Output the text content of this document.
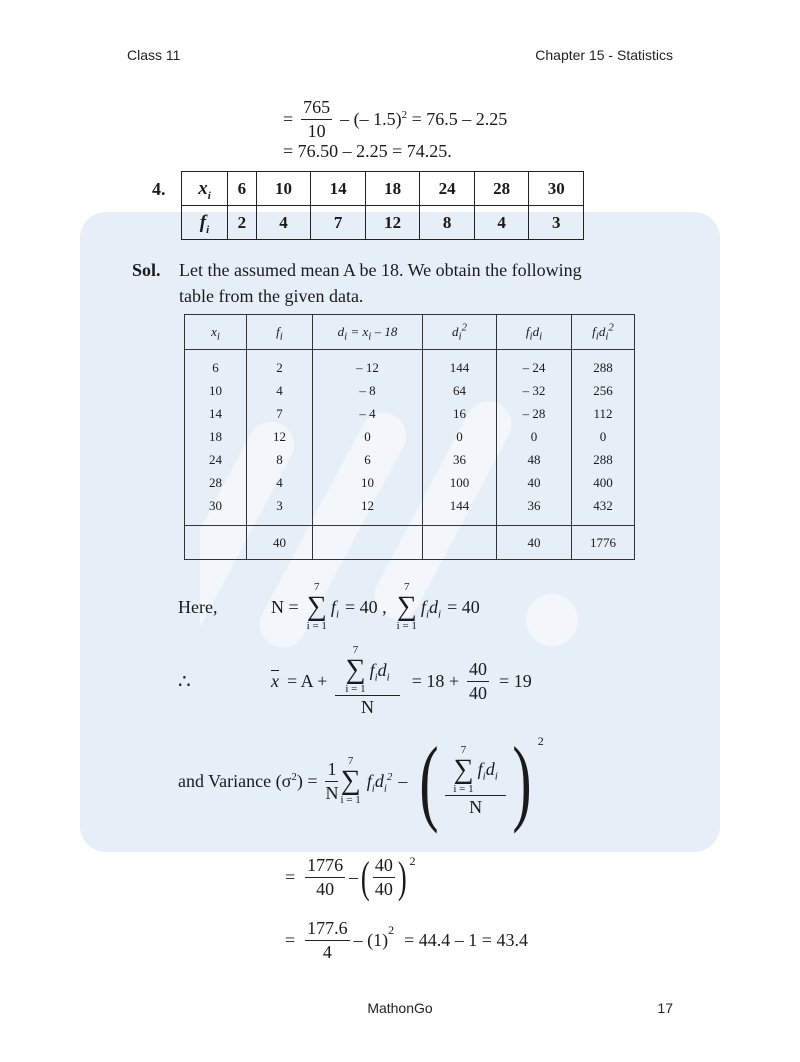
Class 11	Chapter 15 - Statistics
= $\frac{765}{10}$ – (– 1.5)$^2$ = 76.5 – 2.25
= 76.50 – 2.25 = 74.25.
4. $x_i$	6	10	14	18	24	28	30
$f_i$	2	4	7	12	8	4	3
Sol. Let the assumed mean A be 18. We obtain the following
table from the given data.
$x_i$	$f_i$	$d_i = x_i - 18$	$d_i^2$	$f_id_i$	$f_id_i^2$
6	2	– 12	144	– 24	288
10	4	– 8	64	– 32	256
14	7	– 4	16	– 28	112
18	12	0	0	0	0
24	8	6	36	48	288
28	4	10	100	40	400
30	3	12	144	36	432
	40			40	1776
Here,	N =
7
∑
i = 1
$f_i = 40$ ,
7
∑
i = 1
$f_id_i = 40$
∴	$\overline{x} = A + 7$
∑
i = 1
$f_id_i$
$N = 18 + \frac{40}{40} = 19$
and Variance $(\sigma^2) = \frac{1}{N} 7$
∑
i = 1
$f_id_i^2$ – ( 7
∑
i = 1
$f_id_i$
N ) $^2$
= $\frac{1776}{40}$ – ( $\frac{40}{40} )^2$
= $\frac{177.6}{4} - (1)^2 = 44.4 - 1 = 43.4$
MathonGo	17
